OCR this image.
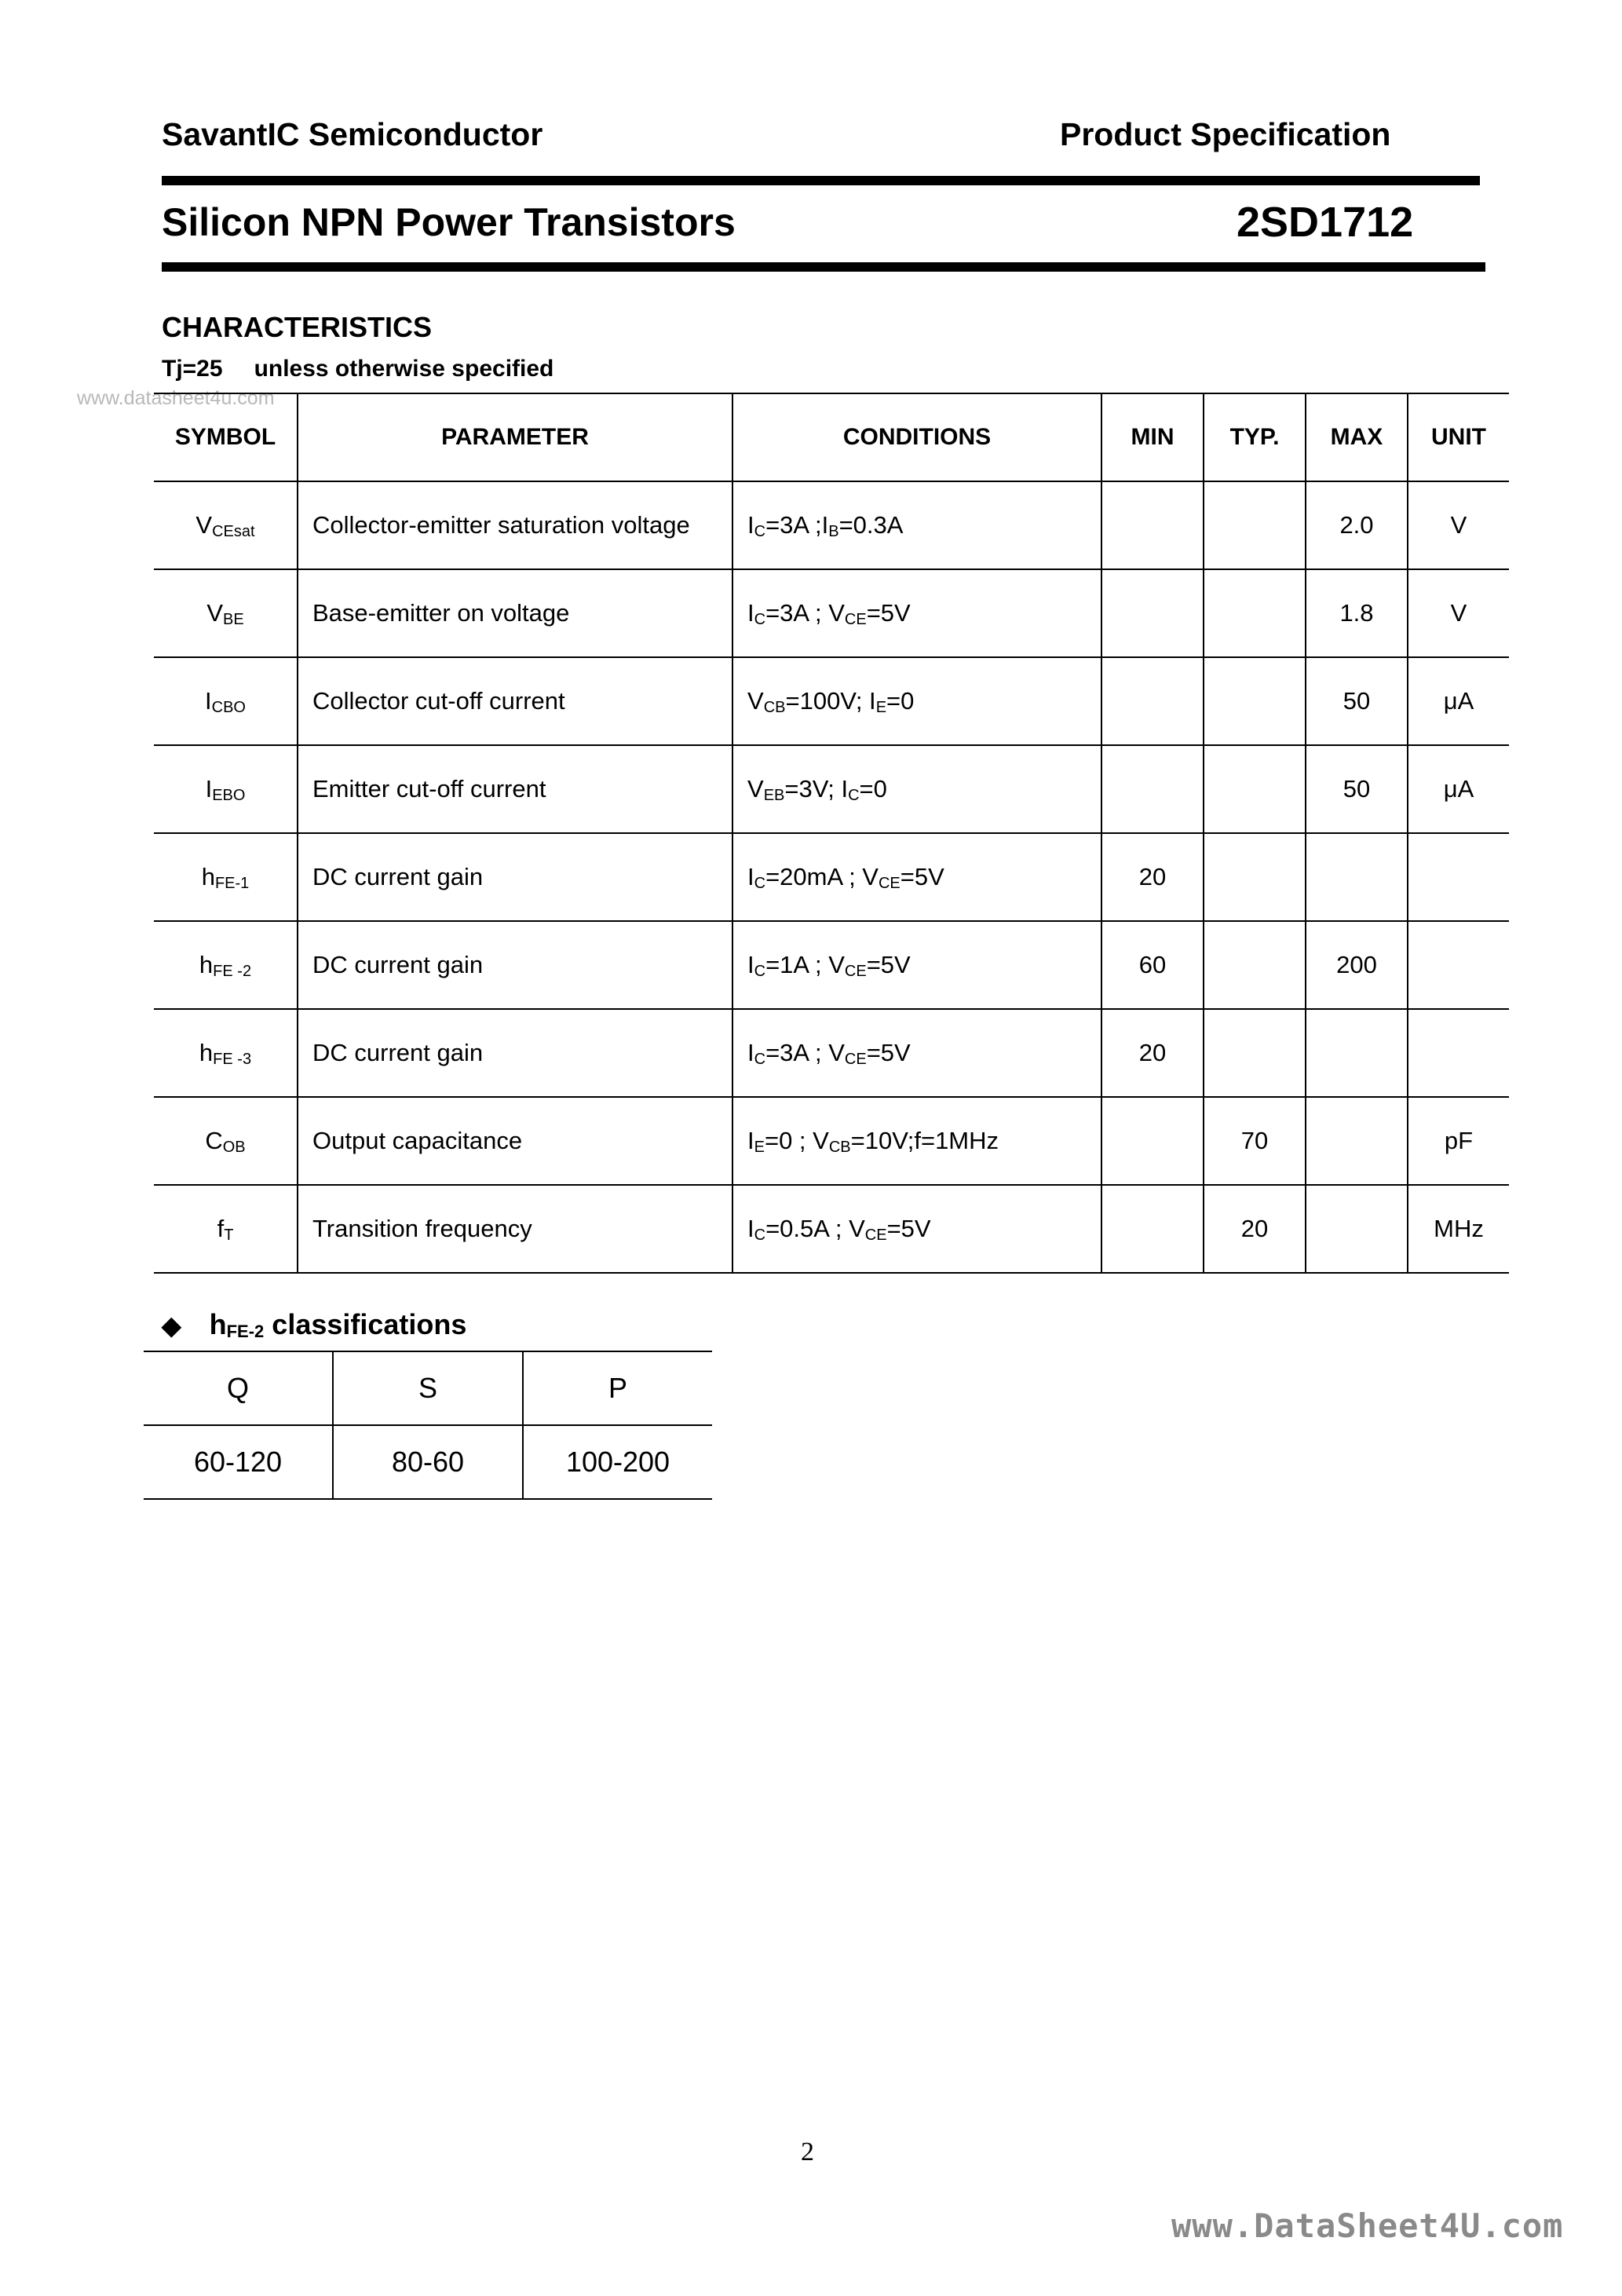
SavantIC Semiconductor	Product Specification
Silicon NPN Power Transistors	2SD1712
CHARACTERISTICS
Tj=25 unless otherwise specified
www.datasheet4u.com
SYMBOL	PARAMETER	CONDITIONS	MIN	TYP.	MAX	UNIT
$V_{CEsat}$	Collector-emitter saturation voltage	$I_C=3A$ $;I_B=0.3A$			2.0	V
$V_{BE}$	Base-emitter on voltage	$I_C=3A$ ; $V_{CE}=5V$			1.8	V
$I_{CBO}$	Collector cut-off current	$V_{CB}=100V$; $I_E=0$			50	μA
$I_{EBO}$	Emitter cut-off current	$V_{EB}=3V$; $I_C=0$			50	μA
$h_{FE-1}$	DC current gain	$I_C=20mA$ ; $V_{CE}=5V$	20			
$h_{FE -2}$	DC current gain	$I_C=1A$ ; $V_{CE}=5V$	60		200	
$h_{FE -3}$	DC current gain	$I_C=3A$ ; $V_{CE}=5V$	20			
$C_{OB}$	Output capacitance	$I_E=0$ ; $V_{CB}=10V;f=1MHz$		70		pF
$f_T$	Transition frequency	$I_C=0.5A$ ; $V_{CE}=5V$		20		MHz
◆ $h_{FE-2}$ classifications
Q	S	P
60-120	80-60	100-200
2
www.DataSheet4U.com
